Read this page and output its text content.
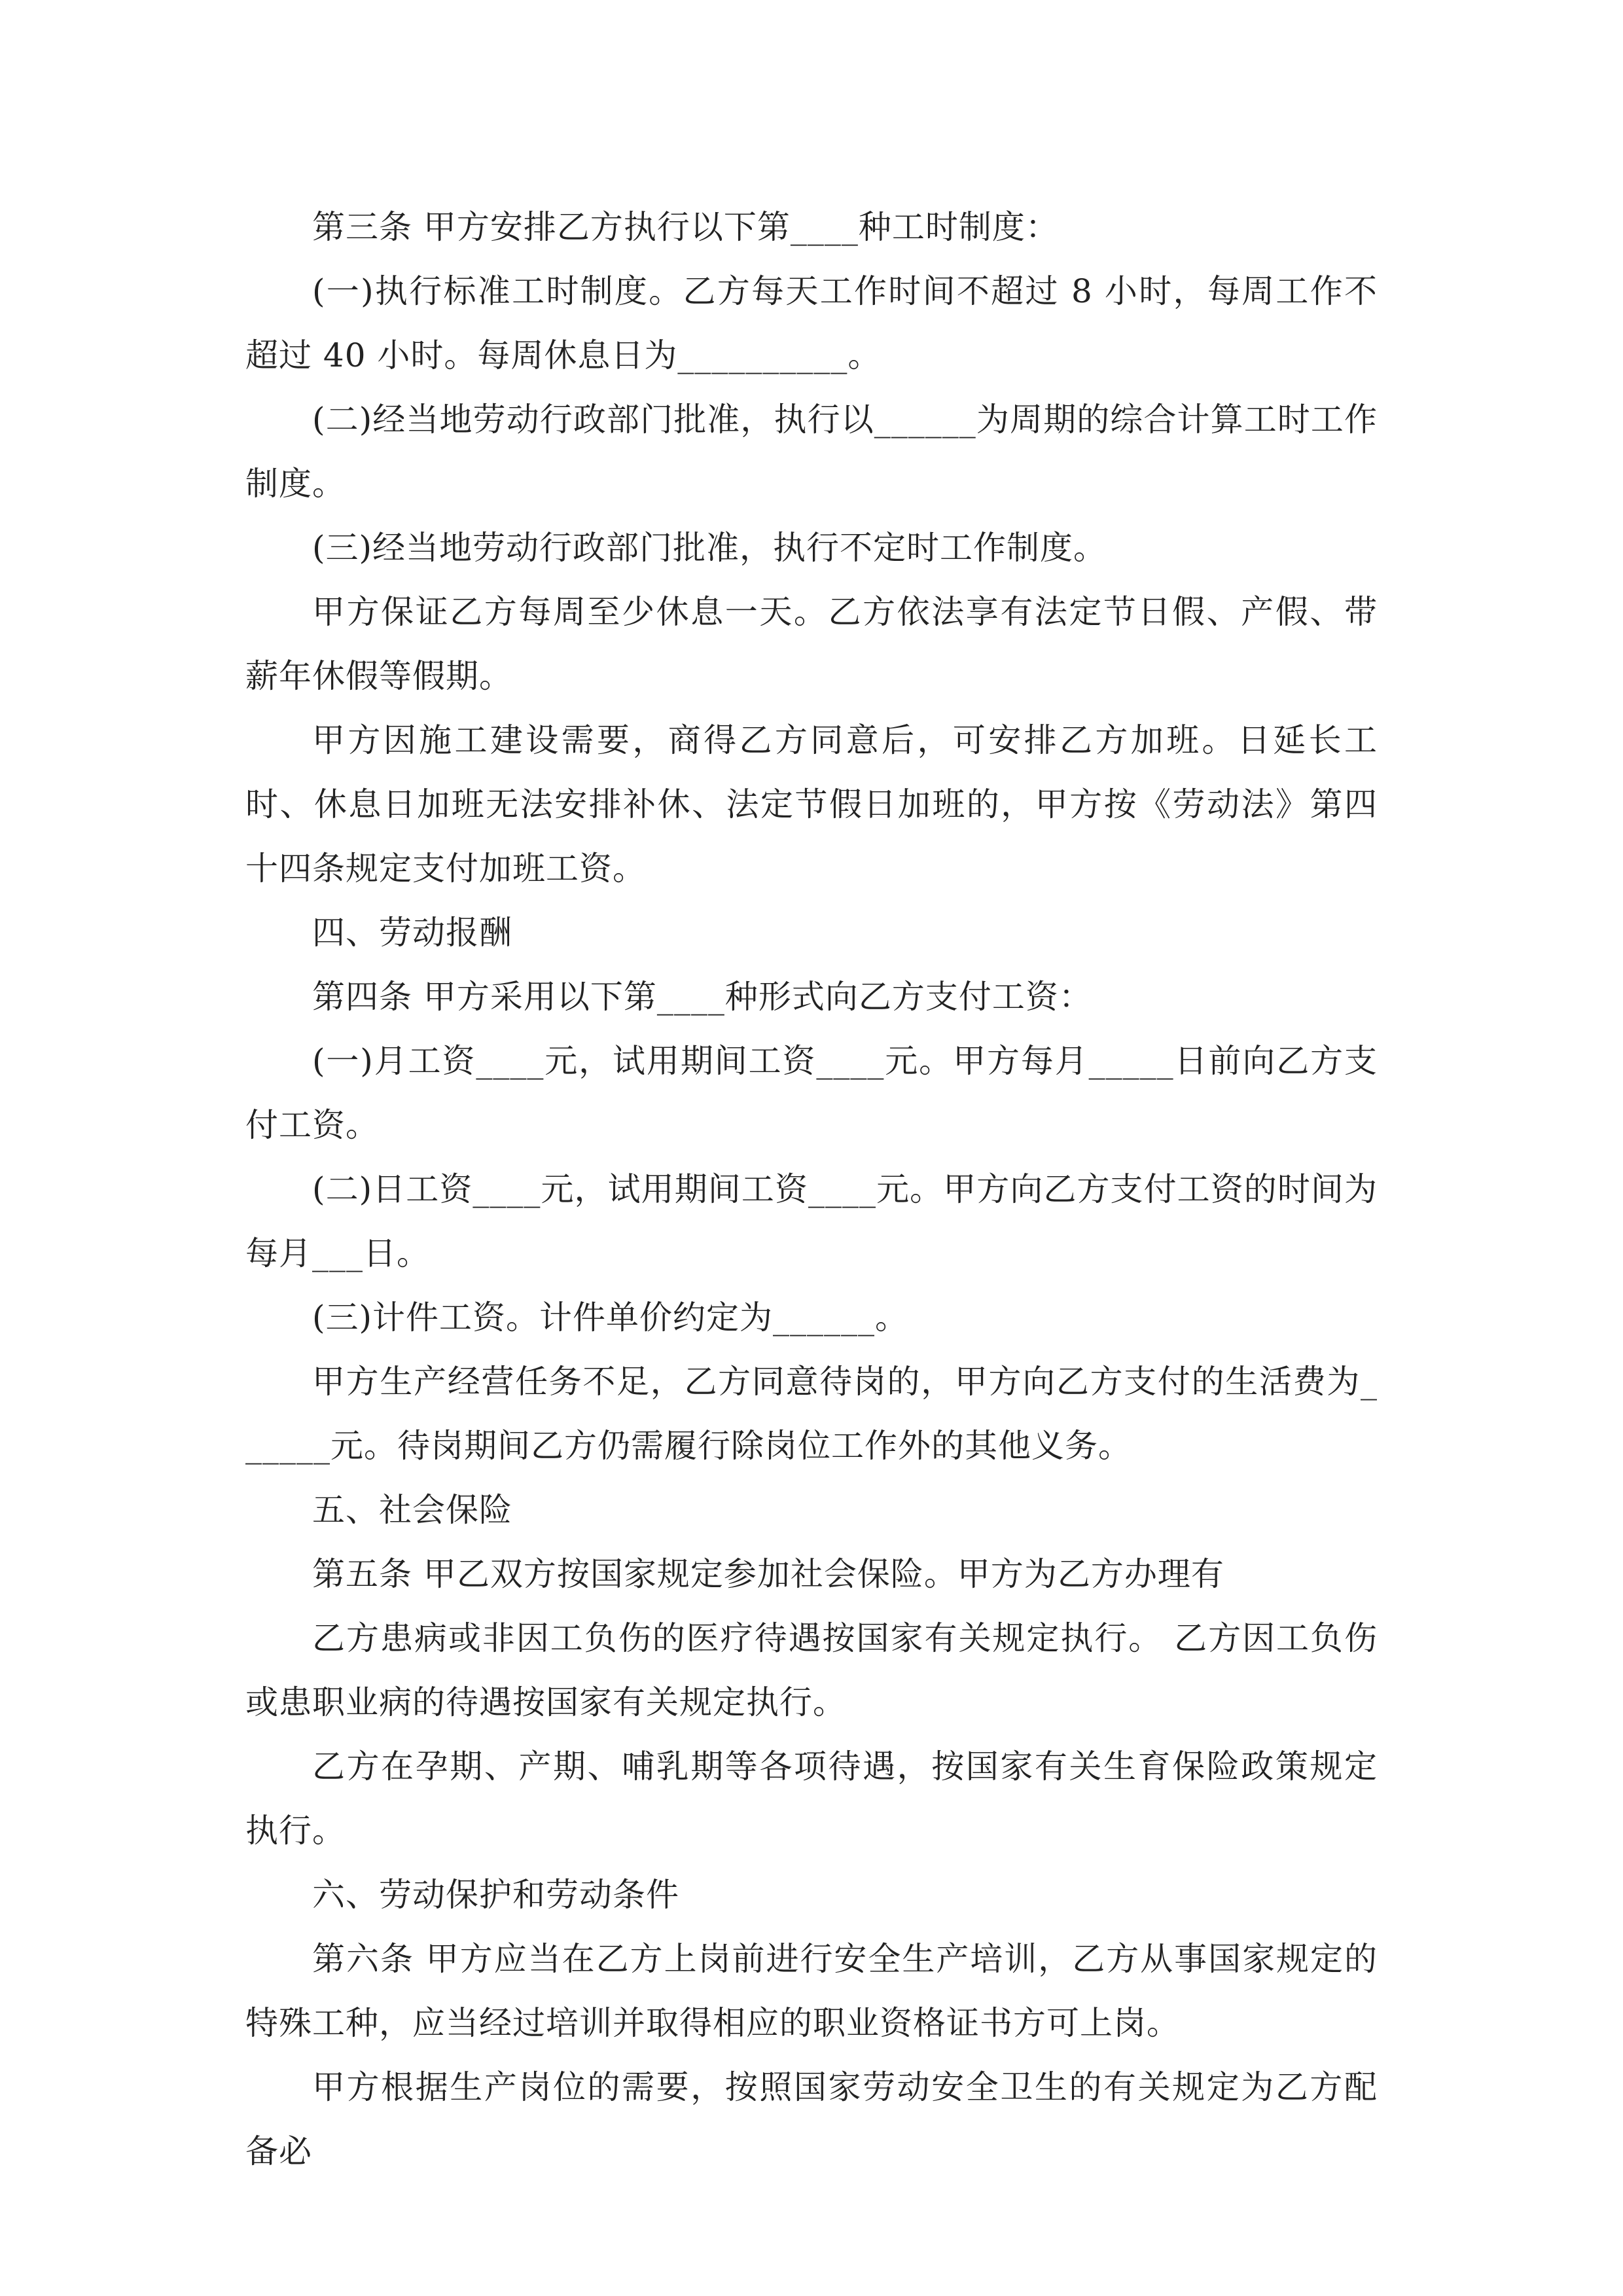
第三条 甲方安排乙方执行以下第____种工时制度：

(一)执行标准工时制度。乙方每天工作时间不超过 8 小时，每周工作不超过 40 小时。每周休息日为__________。

(二)经当地劳动行政部门批准，执行以______为周期的综合计算工时工作制度。

(三)经当地劳动行政部门批准，执行不定时工作制度。

甲方保证乙方每周至少休息一天。乙方依法享有法定节日假、产假、带薪年休假等假期。

甲方因施工建设需要，商得乙方同意后，可安排乙方加班。日延长工时、休息日加班无法安排补休、法定节假日加班的，甲方按《劳动法》第四十四条规定支付加班工资。

四、劳动报酬

第四条 甲方采用以下第____种形式向乙方支付工资：

(一)月工资____元，试用期间工资____元。甲方每月_____日前向乙方支付工资。

(二)日工资____元，试用期间工资____元。甲方向乙方支付工资的时间为每月___日。

(三)计件工资。计件单价约定为______。

甲方生产经营任务不足，乙方同意待岗的，甲方向乙方支付的生活费为______元。待岗期间乙方仍需履行除岗位工作外的其他义务。

五、社会保险

第五条 甲乙双方按国家规定参加社会保险。甲方为乙方办理有

乙方患病或非因工负伤的医疗待遇按国家有关规定执行。 乙方因工负伤或患职业病的待遇按国家有关规定执行。

乙方在孕期、产期、哺乳期等各项待遇，按国家有关生育保险政策规定执行。

六、劳动保护和劳动条件

第六条 甲方应当在乙方上岗前进行安全生产培训，乙方从事国家规定的特殊工种，应当经过培训并取得相应的职业资格证书方可上岗。

甲方根据生产岗位的需要，按照国家劳动安全卫生的有关规定为乙方配备必
